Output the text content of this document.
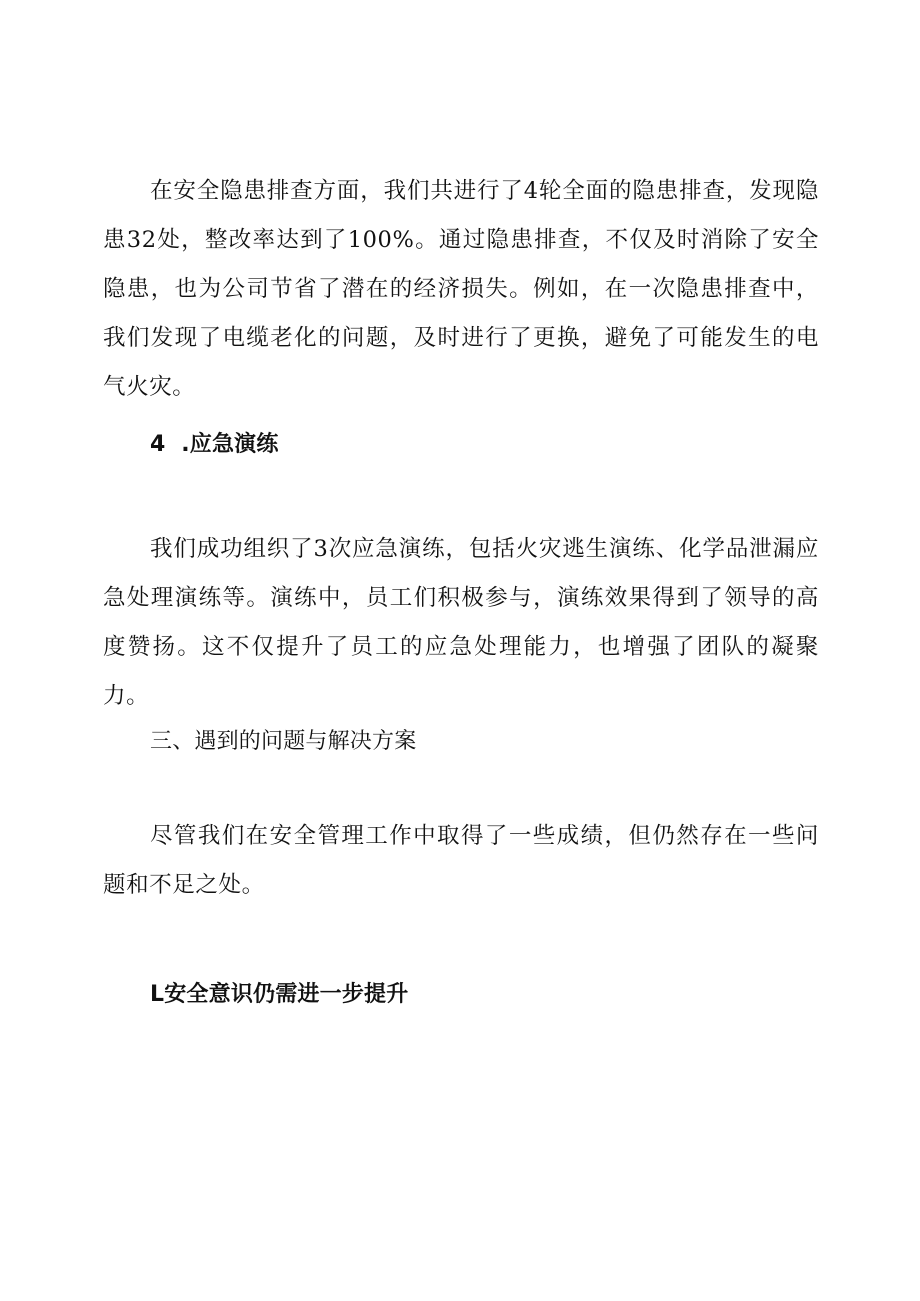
在安全隐患排查方面，我们共进行了4轮全面的隐患排查，发现隐患32处，整改率达到了100%。通过隐患排查，不仅及时消除了安全隐患，也为公司节省了潜在的经济损失。例如，在一次隐患排查中，我们发现了电缆老化的问题，及时进行了更换，避免了可能发生的电气火灾。

4  .应急演练

我们成功组织了3次应急演练，包括火灾逃生演练、化学品泄漏应急处理演练等。演练中，员工们积极参与，演练效果得到了领导的高度赞扬。这不仅提升了员工的应急处理能力，也增强了团队的凝聚力。

三、遇到的问题与解决方案

尽管我们在安全管理工作中取得了一些成绩，但仍然存在一些问题和不足之处。

L安全意识仍需进一步提升
